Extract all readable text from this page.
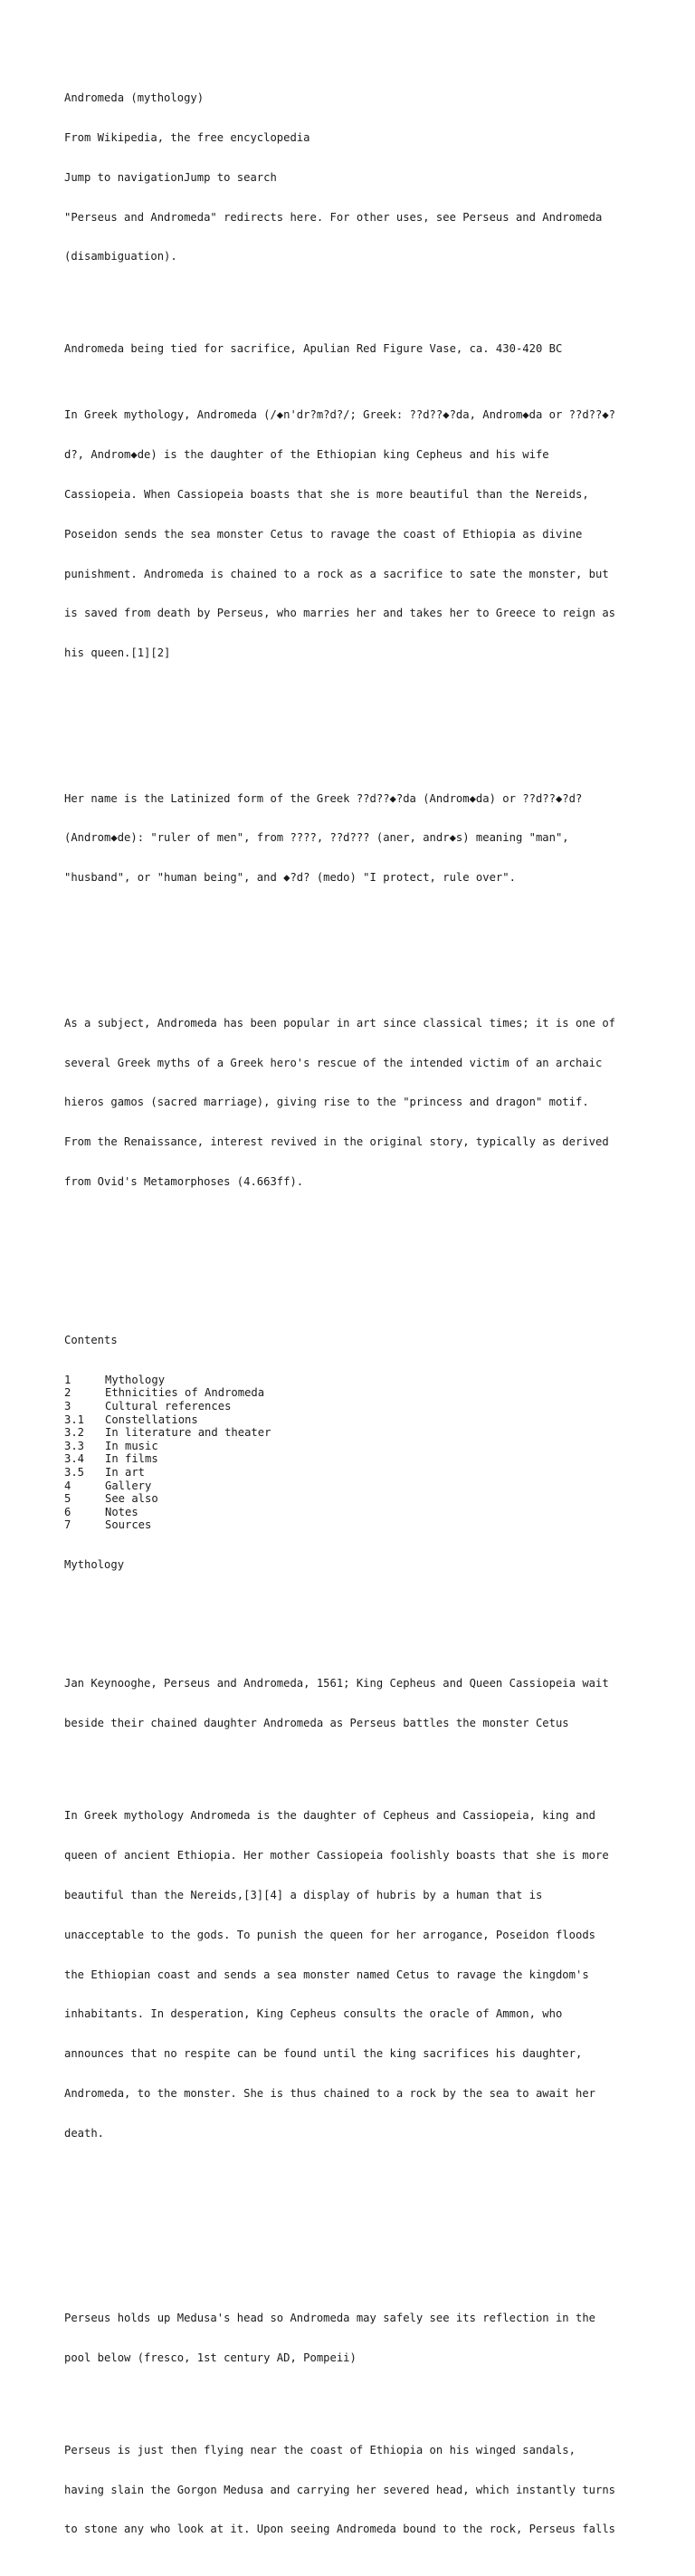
Andromeda (mythology)

From Wikipedia, the free encyclopedia

Jump to navigationJump to search

"Perseus and Andromeda" redirects here. For other uses, see Perseus and Andromeda

(disambiguation).

Andromeda being tied for sacrifice, Apulian Red Figure Vase, ca. 430-420 BC

In Greek mythology, Andromeda (/◆n'dr?m?d?/; Greek: ??d??◆?da, Androm◆da or ??d??◆?

d?, Androm◆de) is the daughter of the Ethiopian king Cepheus and his wife

Cassiopeia. When Cassiopeia boasts that she is more beautiful than the Nereids,

Poseidon sends the sea monster Cetus to ravage the coast of Ethiopia as divine

punishment. Andromeda is chained to a rock as a sacrifice to sate the monster, but

is saved from death by Perseus, who marries her and takes her to Greece to reign as

his queen.[1][2]

Her name is the Latinized form of the Greek ??d??◆?da (Androm◆da) or ??d??◆?d?

(Androm◆de): "ruler of men", from ????, ??d??? (aner, andr◆s) meaning "man",

"husband", or "human being", and ◆?d? (medo) "I protect, rule over".

As a subject, Andromeda has been popular in art since classical times; it is one of

several Greek myths of a Greek hero's rescue of the intended victim of an archaic

hieros gamos (sacred marriage), giving rise to the "princess and dragon" motif.

From the Renaissance, interest revived in the original story, typically as derived

from Ovid's Metamorphoses (4.663ff).

Contents

1	Mythology
2	Ethnicities of Andromeda
3	Cultural references
3.1 Constellations
3.2 In literature and theater
3.3 In music
3.4 In films
3.5 In art
4	Gallery
5	See also
6	Notes
7	Sources

Mythology

Jan Keynooghe, Perseus and Andromeda, 1561; King Cepheus and Queen Cassiopeia wait

beside their chained daughter Andromeda as Perseus battles the monster Cetus

In Greek mythology Andromeda is the daughter of Cepheus and Cassiopeia, king and

queen of ancient Ethiopia. Her mother Cassiopeia foolishly boasts that she is more

beautiful than the Nereids,[3][4] a display of hubris by a human that is

unacceptable to the gods. To punish the queen for her arrogance, Poseidon floods

the Ethiopian coast and sends a sea monster named Cetus to ravage the kingdom's

inhabitants. In desperation, King Cepheus consults the oracle of Ammon, who

announces that no respite can be found until the king sacrifices his daughter,

Andromeda, to the monster. She is thus chained to a rock by the sea to await her

death.

Perseus holds up Medusa's head so Andromeda may safely see its reflection in the

pool below (fresco, 1st century AD, Pompeii)

Perseus is just then flying near the coast of Ethiopia on his winged sandals,

having slain the Gorgon Medusa and carrying her severed head, which instantly turns

to stone any who look at it. Upon seeing Andromeda bound to the rock, Perseus falls
